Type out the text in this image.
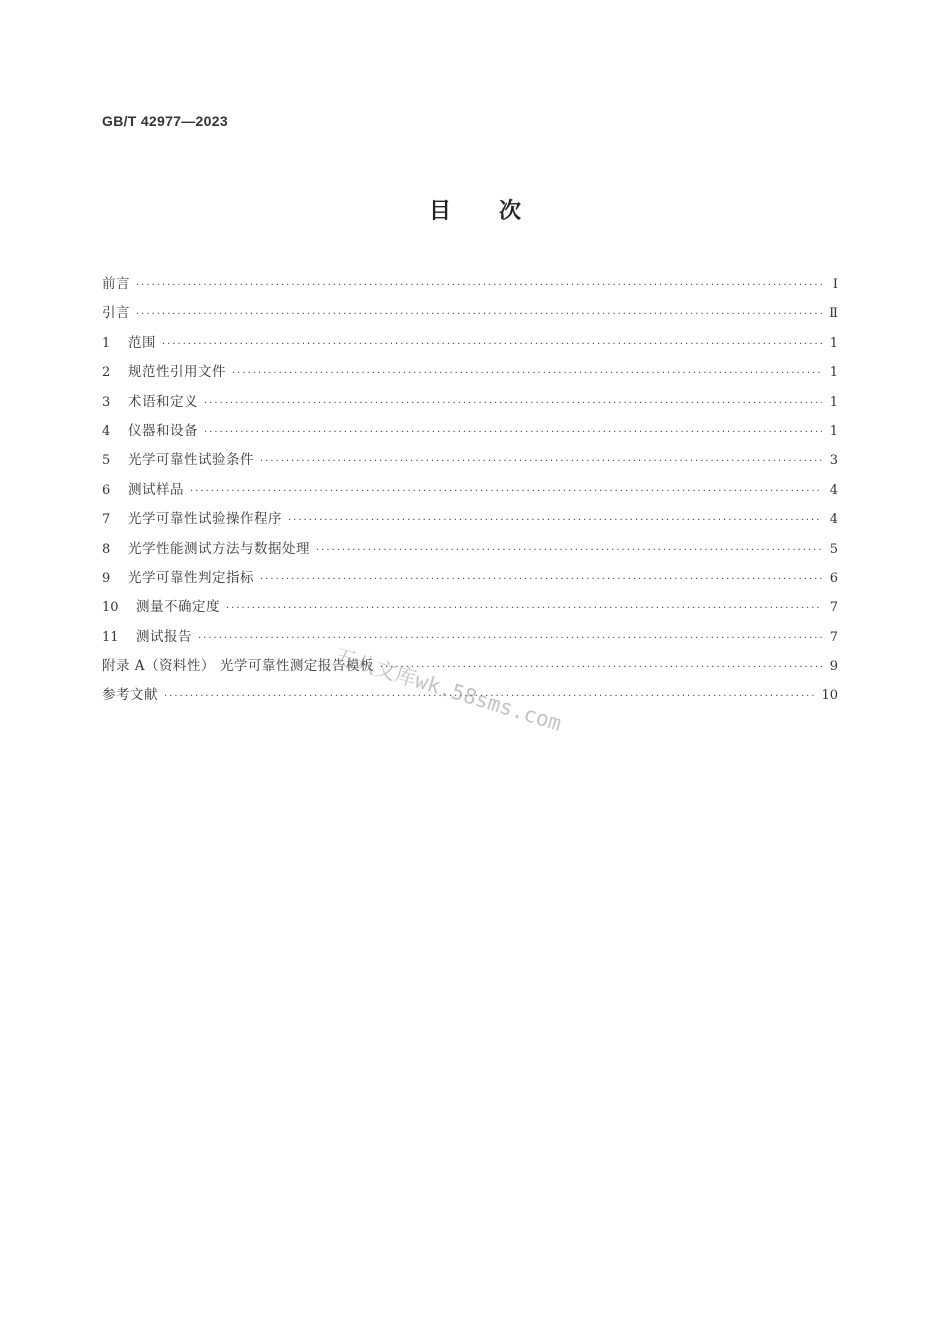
GB/T 42977—2023
目次
前言 ·····	Ⅰ
引言 ·····	Ⅱ
1	范围 ·····	1
2	规范性引用文件 ·····	1
3	术语和定义 ·····	1
4	仪器和设备 ·····	1
5	光学可靠性试验条件 ·····	3
6	测试样品 ·····	4
7	光学可靠性试验操作程序 ·····	4
8	光学性能测试方法与数据处理 ·····	5
9	光学可靠性判定指标 ·····	6
10	测量不确定度 ·····	7
11	测试报告 ·····	7
附录 A（资料性） 光学可靠性测定报告模板 ·····	9
参考文献 ·····	10
五八文库wk.58sms.com
